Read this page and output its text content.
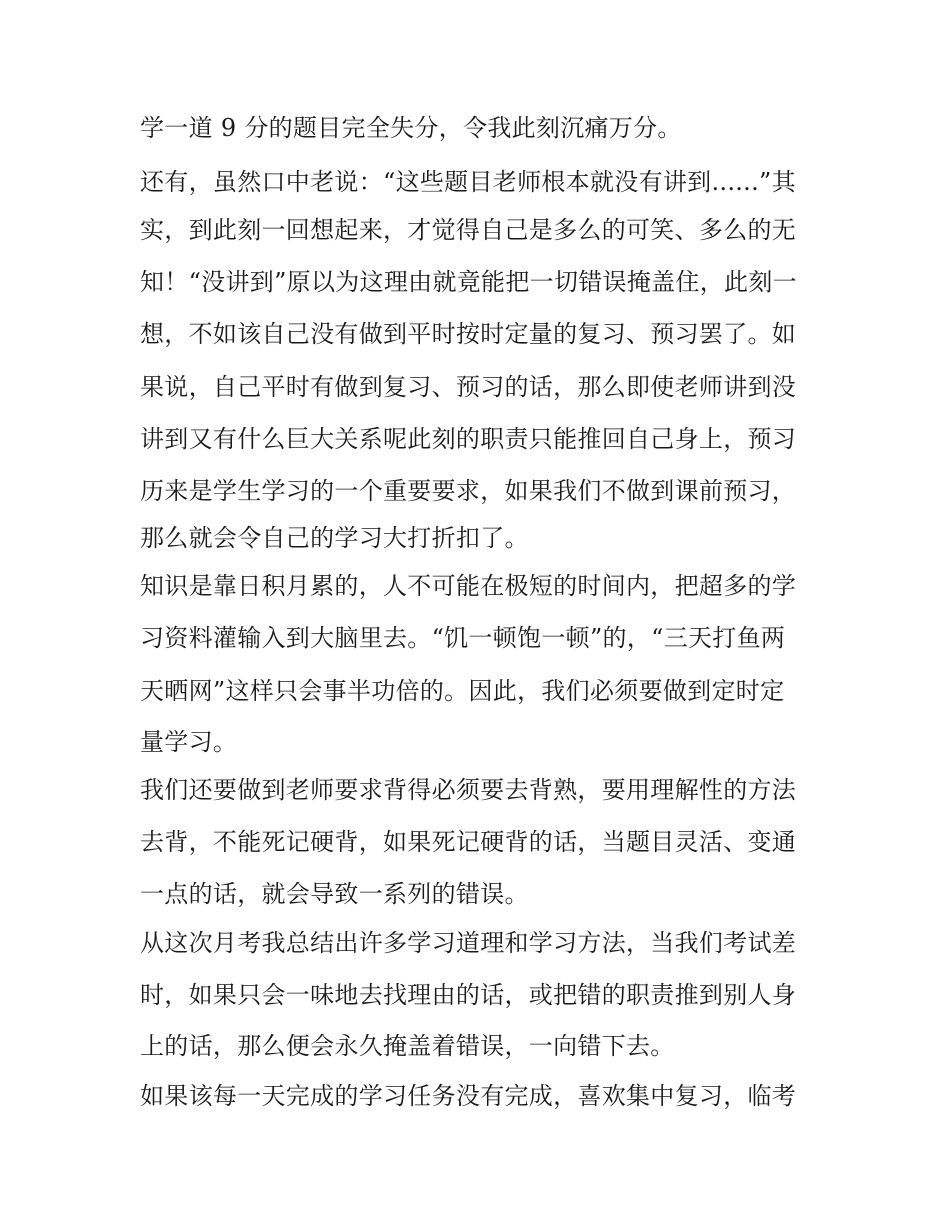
学一道 9 分的题目完全失分，令我此刻沉痛万分。
还有，虽然口中老说：“这些题目老师根本就没有讲到......”其
实，到此刻一回想起来，才觉得自己是多么的可笑、多么的无
知！“没讲到”原以为这理由就竟能把一切错误掩盖住，此刻一
想，不如该自己没有做到平时按时定量的复习、预习罢了。如
果说，自己平时有做到复习、预习的话，那么即使老师讲到没
讲到又有什么巨大关系呢此刻的职责只能推回自己身上，预习
历来是学生学习的一个重要要求，如果我们不做到课前预习，
那么就会令自己的学习大打折扣了。
知识是靠日积月累的，人不可能在极短的时间内，把超多的学
习资料灌输入到大脑里去。“饥一顿饱一顿”的，“三天打鱼两
天晒网”这样只会事半功倍的。因此，我们必须要做到定时定
量学习。
我们还要做到老师要求背得必须要去背熟，要用理解性的方法
去背，不能死记硬背，如果死记硬背的话，当题目灵活、变通
一点的话，就会导致一系列的错误。
从这次月考我总结出许多学习道理和学习方法，当我们考试差
时，如果只会一味地去找理由的话，或把错的职责推到别人身
上的话，那么便会永久掩盖着错误，一向错下去。
如果该每一天完成的学习任务没有完成，喜欢集中复习，临考
